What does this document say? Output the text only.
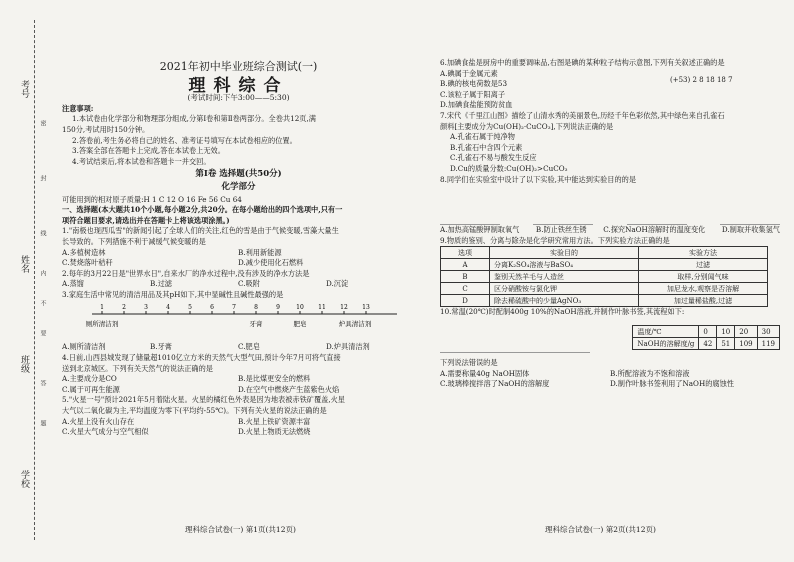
考号
姓名
班级
学校
密
封
线
内
不
要
答
题
2021年初中毕业班综合测试(一)
理科综合
(考试时间:下午3:00——5:30)

注意事项:

1.本试卷由化学部分和物理部分组成,分第Ⅰ卷和第Ⅱ卷两部分。全卷共12页,满

150分,考试用时150分钟。

2.答卷前,考生务必将自己的姓名、准考证号填写在本试卷相应的位置。

3.答案全部在答题卡上完成,答在本试卷上无效。

4.考试结束后,将本试卷和答题卡一并交回。

第Ⅰ卷 选择题(共50分)
化学部分

可能用到的相对原子质量:H 1 C 12 O 16 Fe 56 Cu 64

一、选择题(本大题共10个小题,每小题2分,共20分。在每小题给出的四个选项中,只有一

项符合题目要求,请选出并在答题卡上将该选项涂黑。)

1."南极也现西瓜雪"的新闻引起了全球人们的关注,红色的雪是由于气候变暖,雪藻大量生

长导致的。下列措施不利于减缓气候变暖的是

A.多植树造林	B.利用新能源
C.焚烧落叶秸秆	D.减少使用化石燃料

2.每年的3月22日是"世界水日",自来水厂的净水过程中,没有涉及的净水方法是

A.蒸馏	B.过滤	C.吸附	D.沉淀

3.家庭生活中常见的清洁用品及其pH如下,其中显碱性且碱性最强的是

1	2	3	4	5	6	7	8	9	10 11 12 13
厕所清洁剂	牙膏	肥皂	炉具清洁剂
A.厕所清洁剂	B.牙膏	C.肥皂	D.炉具清洁剂

4.日前,山西县城发现了储量超1010亿立方米的天然气大型气田,预计今年7月可将气直接

送到北京城区。下列有关天然气的说法正确的是

A.主要成分是CO	B.是比煤更安全的燃料
C.属于可再生能源	D.在空气中燃烧产生蓝紫色火焰

5."火星一号"预计2021年5月着陆火星。火星的橘红色外表是因为地表被赤铁矿覆盖,火星

大气以二氧化碳为主,平均温度为零下(平均约-55℃)。下列有关火星的说法正确的是

A.火星上没有火山存在	B.火星上铁矿资源丰富
C.火星大气成分与空气相似	D.火星上物质无法燃烧
理科综合试卷(一) 第1页(共12页)

6.加碘食盐是厨房中的重要调味品,右图是碘的某种粒子结构示意图,下列有关叙述正确的是

A.碘属于金属元素

B.碘的核电荷数是53

C.该粒子属于阳离子

D.加碘食盐能预防贫血

(+53) 2 8 18 18 7

7.宋代《千里江山图》描绘了山清水秀的美丽景色,历经千年色彩依然,其中绿色来自孔雀石

颜料[主要成分为Cu(OH)₂·CuCO₃],下列说法正确的是

A.孔雀石属于纯净物

B.孔雀石中含四个元素

C.孔雀石不易与酸发生反应

D.Cu的质量分数:Cu(OH)₂>CuCO₃

8.同学们在实验室中设计了以下实验,其中能达到实验目的的是

A.加热高锰酸钾制取氧气 B.防止铁丝生锈 C.探究NaOH溶解时的温度变化 D.制取并收集氢气

9.物质的鉴别、分离与除杂是化学研究常用方法。下列实验方法正确的是

选项	实验目的	实验方法
A	分离K₂SO₄溶液与BaSO₄	过滤
B	鉴别天然羊毛与人造丝	取样,分别闻气味
C	区分硝酸铵与氯化钾	加尼龙水,观察是否溶解
D	除去稀硫酸中的少量AgNO₃	加过量稀盐酸,过滤

10.常温(20℃)时配制400g 10%的NaOH溶液,并制作叶脉书签,其流程如下:

温度/℃	0	10	20	30
NaOH的溶解度/g	42	51	109	119

下列说法错误的是

A.需要称量40g NaOH固体	B.所配溶液为不饱和溶液
C.玻璃棒搅拌溶了NaOH的溶解度	D.制作叶脉书签利用了NaOH的腐蚀性
理科综合试卷(一) 第2页(共12页)
